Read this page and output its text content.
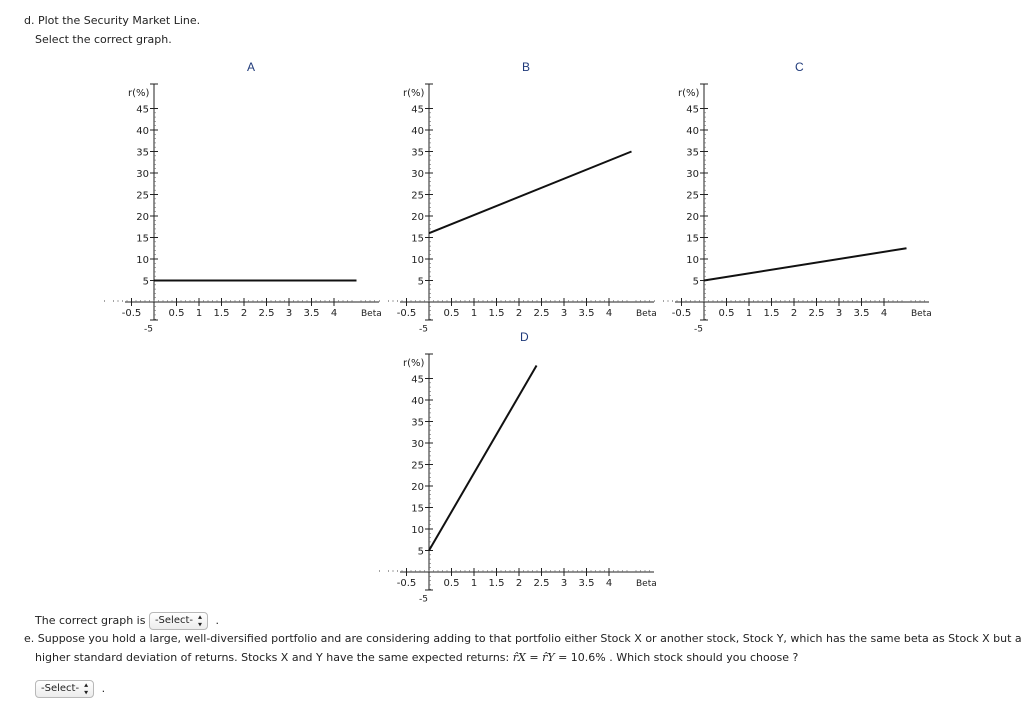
d. Plot the Security Market Line.
Select the correct graph.
A
5
10
15
20
25
30
35
40
45
-5
r(%)
-0.5	0.5 1 1.5 2 2.5 3 3.5 4	Beta
B
5
10
15
20
25
30
35
40
45
-5
r(%)
-0.5	0.5 1 1.5 2 2.5 3 3.5 4	Beta
C
5
10
15
20
25
30
35
40
45
-5
r(%)
-0.5	0.5 1 1.5 2 2.5 3 3.5 4	Beta
D
5
10
15
20
25
30
35
40
45
-5
r(%)
-0.5	0.5 1 1.5 2 2.5 3 3.5 4	Beta
The correct graph is -Select- ▴
▾ .
e. Suppose you hold a large, well-diversified portfolio and are considering adding to that portfolio either Stock X or another stock, Stock Y, which has the same beta as Stock X but a
higher standard deviation of returns. Stocks X and Y have the same expected returns: r̂X = r̂Y = 10.6% . Which stock should you choose ?
-Select- ▴
▾ .
